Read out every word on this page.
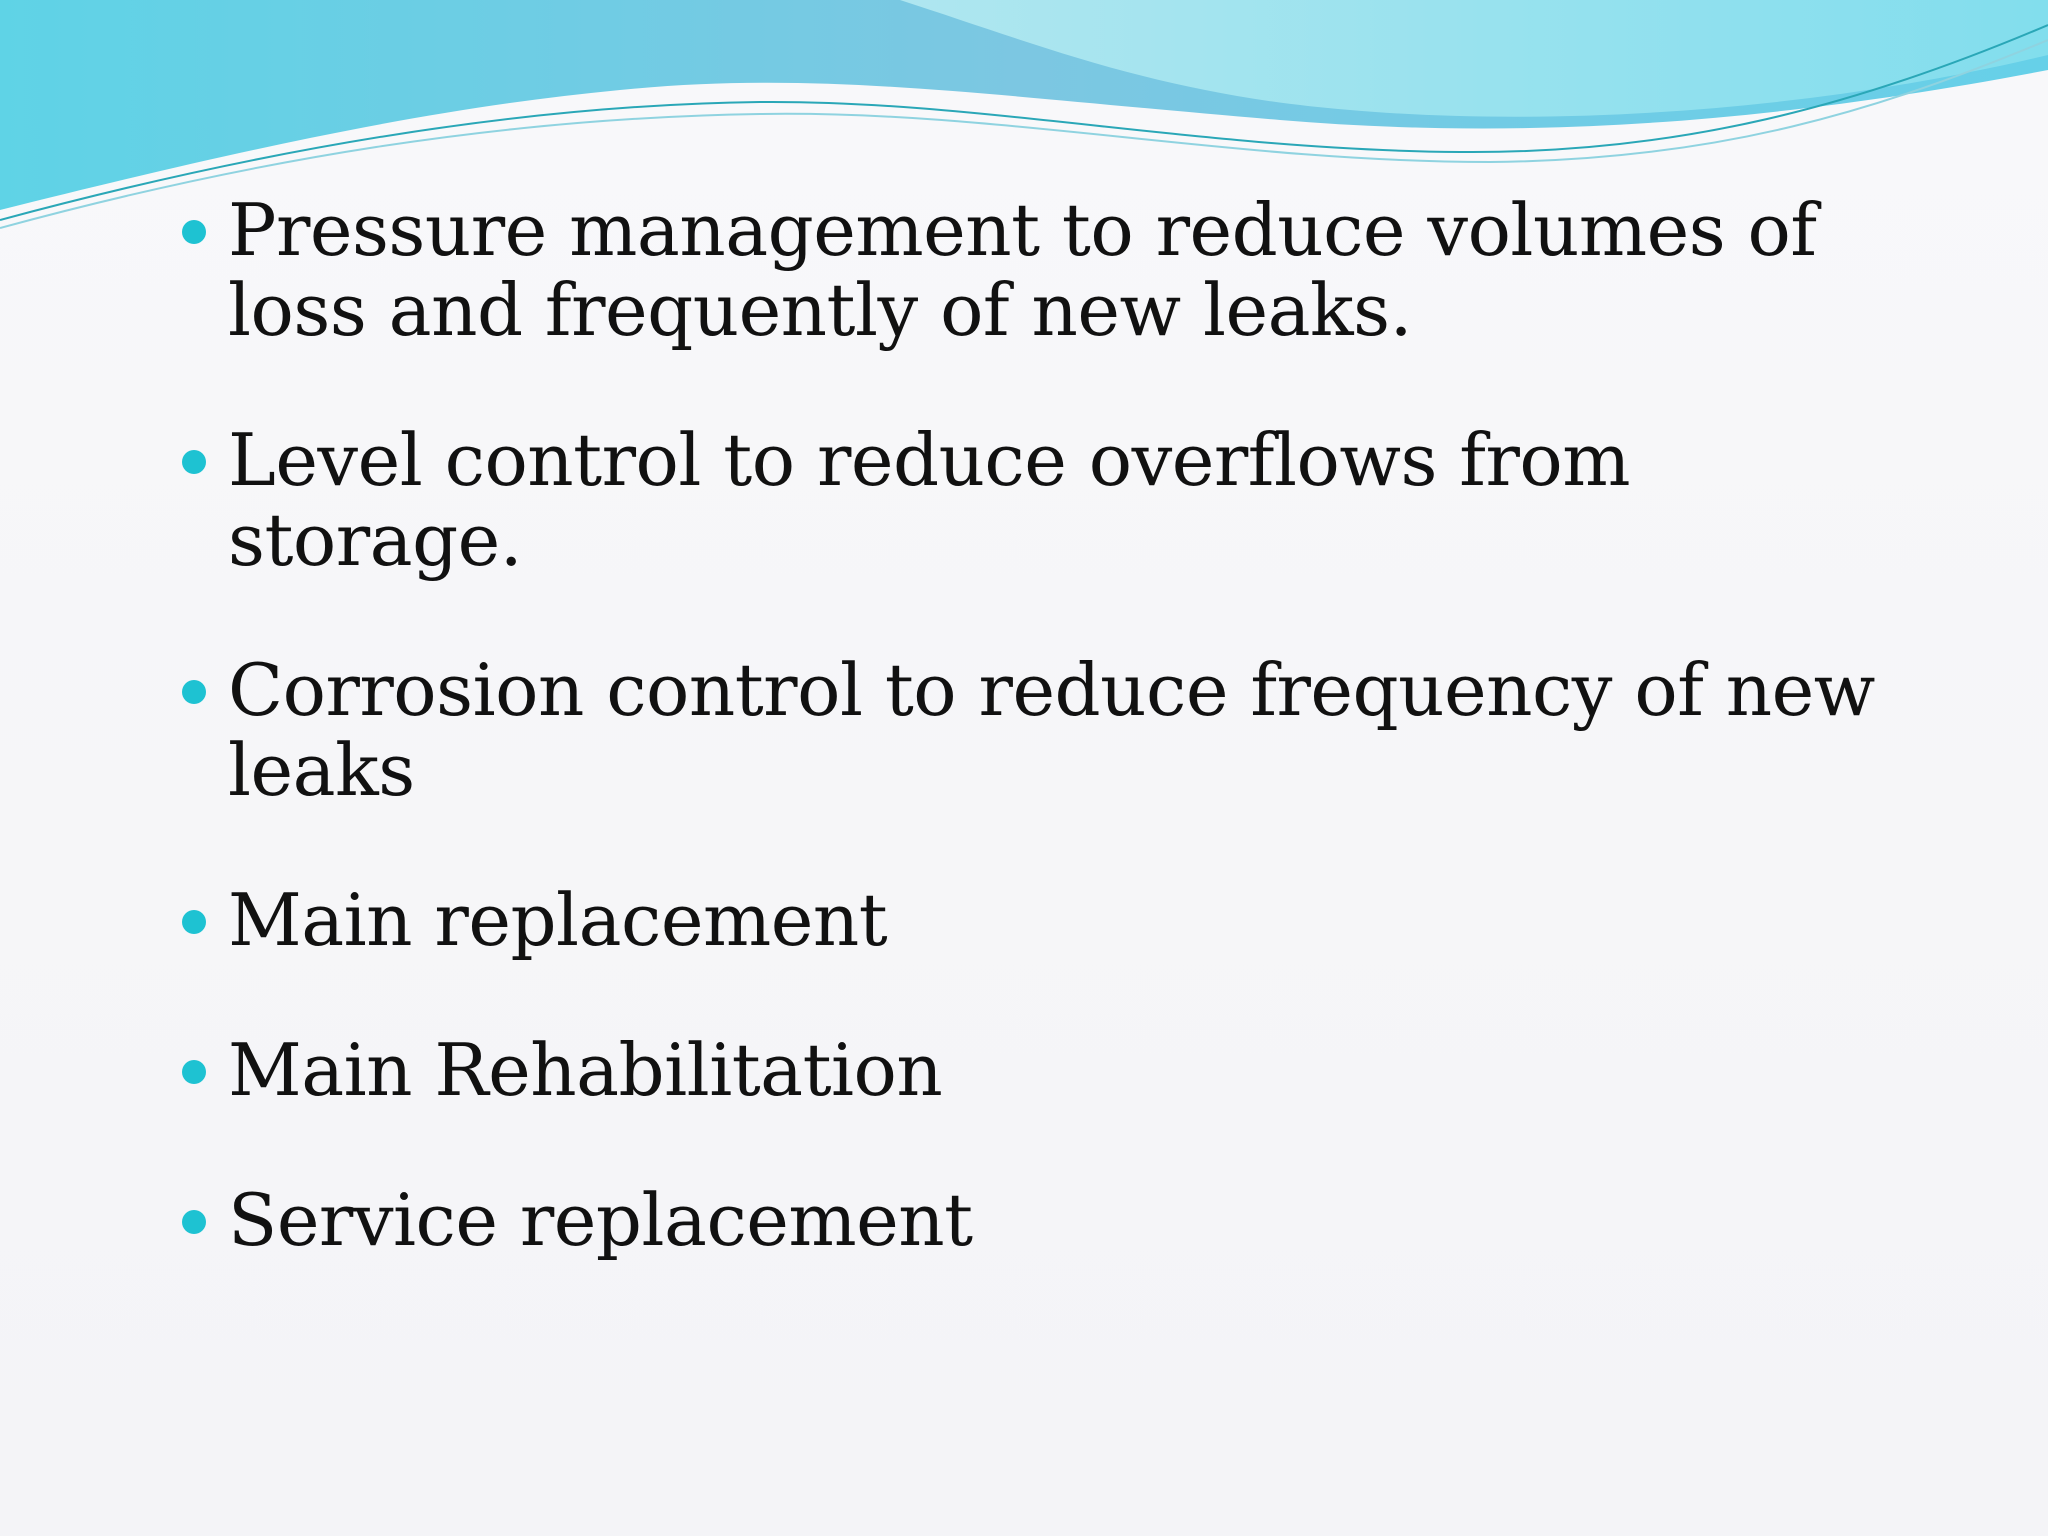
Pressure management to reduce volumes of loss and frequently of new leaks.
Level control to reduce overflows from storage.
Corrosion control to reduce frequency of new leaks
Main replacement
Main Rehabilitation
Service replacement
